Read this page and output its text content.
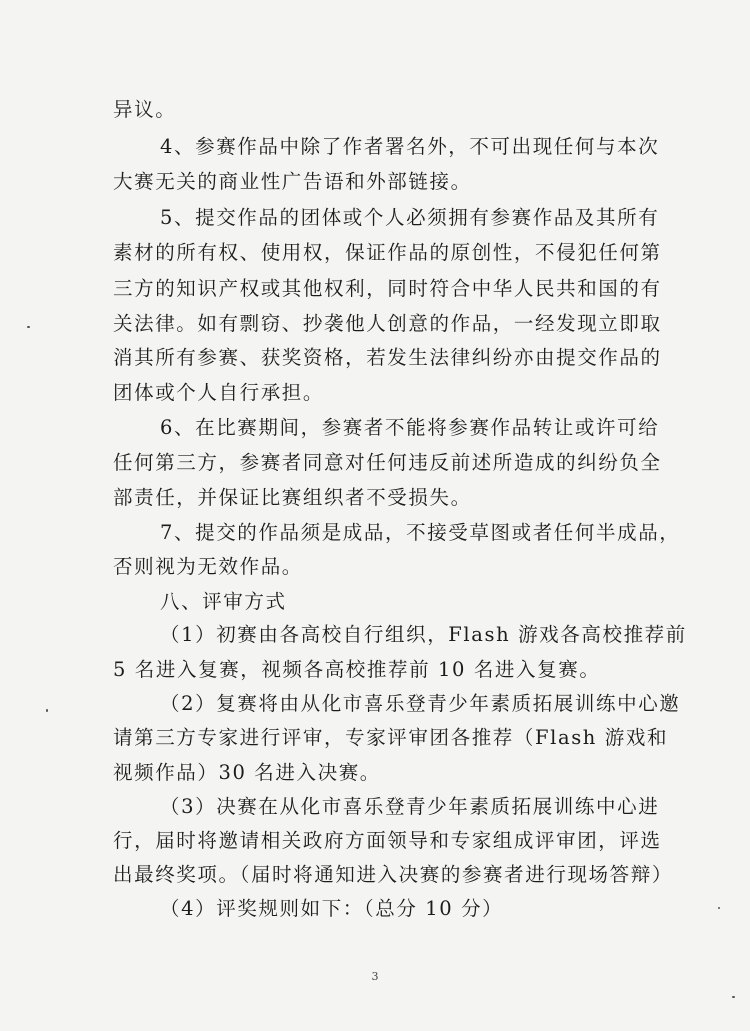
异议。
4、参赛作品中除了作者署名外，不可出现任何与本次
大赛无关的商业性广告语和外部链接。
5、提交作品的团体或个人必须拥有参赛作品及其所有
素材的所有权、使用权，保证作品的原创性，不侵犯任何第
三方的知识产权或其他权利，同时符合中华人民共和国的有
关法律。如有剽窃、抄袭他人创意的作品，一经发现立即取
消其所有参赛、获奖资格，若发生法律纠纷亦由提交作品的
团体或个人自行承担。
6、在比赛期间，参赛者不能将参赛作品转让或许可给
任何第三方，参赛者同意对任何违反前述所造成的纠纷负全
部责任，并保证比赛组织者不受损失。
7、提交的作品须是成品，不接受草图或者任何半成品，
否则视为无效作品。
八、评审方式
（1）初赛由各高校自行组织，Flash 游戏各高校推荐前
5 名进入复赛，视频各高校推荐前 10 名进入复赛。
（2）复赛将由从化市喜乐登青少年素质拓展训练中心邀
请第三方专家进行评审，专家评审团各推荐（Flash 游戏和
视频作品）30 名进入决赛。
（3）决赛在从化市喜乐登青少年素质拓展训练中心进
行，届时将邀请相关政府方面领导和专家组成评审团，评选
出最终奖项。（届时将通知进入决赛的参赛者进行现场答辩）
（4）评奖规则如下：（总分 10 分）
3
